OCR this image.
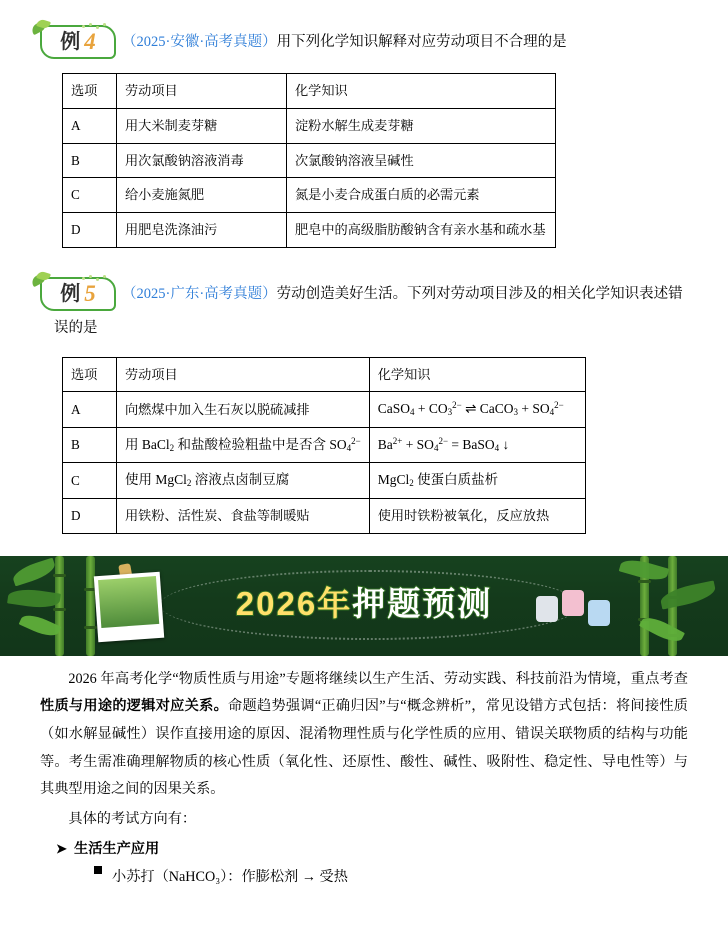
例 4 （2025·安徽·高考真题）用下列化学知识解释对应劳动项目不合理的是
选项	劳动项目	化学知识
A	用大米制麦芽糖	淀粉水解生成麦芽糖
B	用次氯酸钠溶液消毒	次氯酸钠溶液呈碱性
C	给小麦施氮肥	氮是小麦合成蛋白质的必需元素
D	用肥皂洗涤油污	肥皂中的高级脂肪酸钠含有亲水基和疏水基
例 5 （2025·广东·高考真题）劳动创造美好生活。下列对劳动项目涉及的相关化学知识表述错
误的是
选项	劳动项目	化学知识
A	向燃煤中加入生石灰以脱硫减排	CaSO$_4$ + $CO_3^{2-}$ ⇌ CaCO$_3$ + $SO_4^{2-}$
B	用 BaCl$_2$ 和盐酸检验粗盐中是否含 $SO_4^{2-}$	$Ba^{2+} + SO_4^{2-}$ = BaSO$_4$ ↓
C	使用 MgCl$_2$ 溶液点卤制豆腐	MgCl$_2$ 使蛋白质盐析
D	用铁粉、活性炭、食盐等制暖贴	使用时铁粉被氧化，反应放热
2026年押题预测

2026 年高考化学“物质性质与用途”专题将继续以生产生活、劳动实践、科技前沿为情境，重点考查性质与用途的逻辑对应关系。命题趋势强调“正确归因”与“概念辨析”，常见设错方式包括：将间接性质（如水解显碱性）误作直接用途的原因、混淆物理性质与化学性质的应用、错误关联物质的结构与功能等。考生需准确理解物质的核心性质（氧化性、还原性、酸性、碱性、吸附性、稳定性、导电性等）与其典型用途之间的因果关系。

具体的考试方向有：
➤ 生活生产应用
小苏打（NaHCO₃）：作膨松剂 → 受热
